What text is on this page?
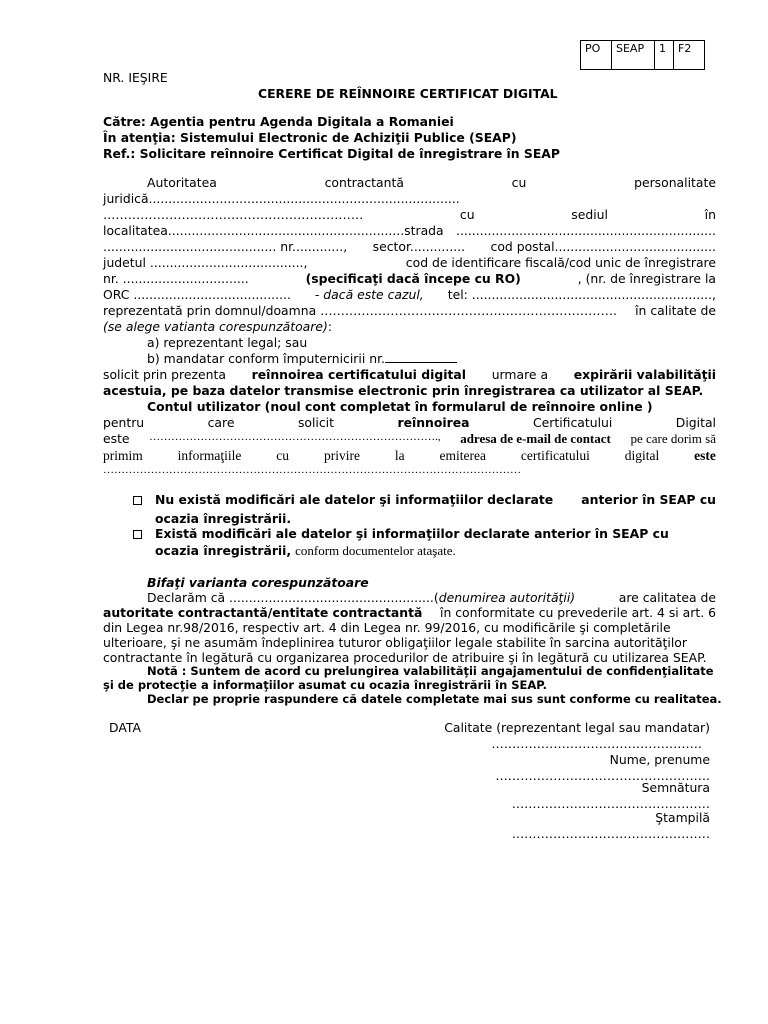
PO	SEAP	1	F2
NR. IEŞIRE
CERERE DE REÎNNOIRE CERTIFICAT DIGITAL
Către: Agentia pentru Agenda Digitala a Romaniei
În atenţia: Sistemului Electronic de Achiziţii Publice (SEAP)
Ref.: Solicitare reînnoire Certificat Digital de înregistrare în SEAP
Autoritatea	contractantă	cu	personalitate
juridică...............................................................................
………………………………………………………	cu	sediul	în
localitatea............................................................strada ..................................................................
............................................ nr............., sector.............. cod postal.........................................
judetul .......................................,	cod de identificare fiscală/cod unic de înregistrare
nr. ................................	(specificaţi dacă începe cu RO)	, (nr. de înregistrare la
ORC ........................................ - dacă este cazul, tel: .............................................................,
reprezentată prin domnul/doamna ……………………………………..………………………. în calitate de
(se alege vatianta corespunzătoare):
a) reprezentant legal; sau
b) mandatar conform împuternicirii nr.
solicit prin prezenta reînnoirea certificatului digital urmare a expirării valabilităţii
acestuia, pe baza datelor transmise electronic prin înregistrarea ca utilizator al SEAP.
Contul utilizator (noul cont completat în formularul de reînnoire online )
pentru	care	solicit	reînnoirea	Certificatului	Digital
este ……………………………………………………………………., adresa de e-mail de contact pe care dorim să
primim	informaţiile	cu	privire	la	emiterea	certificatului	digital	este
……………………………………………………………………………………………………
Nu există modificări ale datelor şi informaţiilor declarate anterior în SEAP cu
ocazia înregistrării.
Există modificări ale datelor şi informaţiilor declarate anterior în SEAP cu
ocazia înregistrării, conform documentelor ataşate.
Bifaţi varianta corespunzătoare
Declarăm că ....................................................(denumirea autorităţii)	are calitatea de
autoritate contractantă/entitate contractantă în conformitate cu prevederile art. 4 si art. 6
din Legea nr.98/2016, respectiv art. 4 din Legea nr. 99/2016, cu modificările şi completările
ulterioare, şi ne asumăm îndeplinirea tuturor obligaţiilor legale stabilite în sarcina autorităţilor
contractante în legătură cu organizarea procedurilor de atribuire şi în legătură cu utilizarea SEAP.
Notă : Suntem de acord cu prelungirea valabilităţii angajamentului de confidenţialitate
şi de protecţie a informaţiilor asumat cu ocazia înregistrării în SEAP.
Declar pe proprie raspundere că datele completate mai sus sunt conforme cu realitatea.
DATA	Calitate (reprezentant legal sau mandatar)
……………………………………………
Nume, prenume
…………………………………………….
Semnătura
…………………………………………
Ştampilă
…………………………………………
